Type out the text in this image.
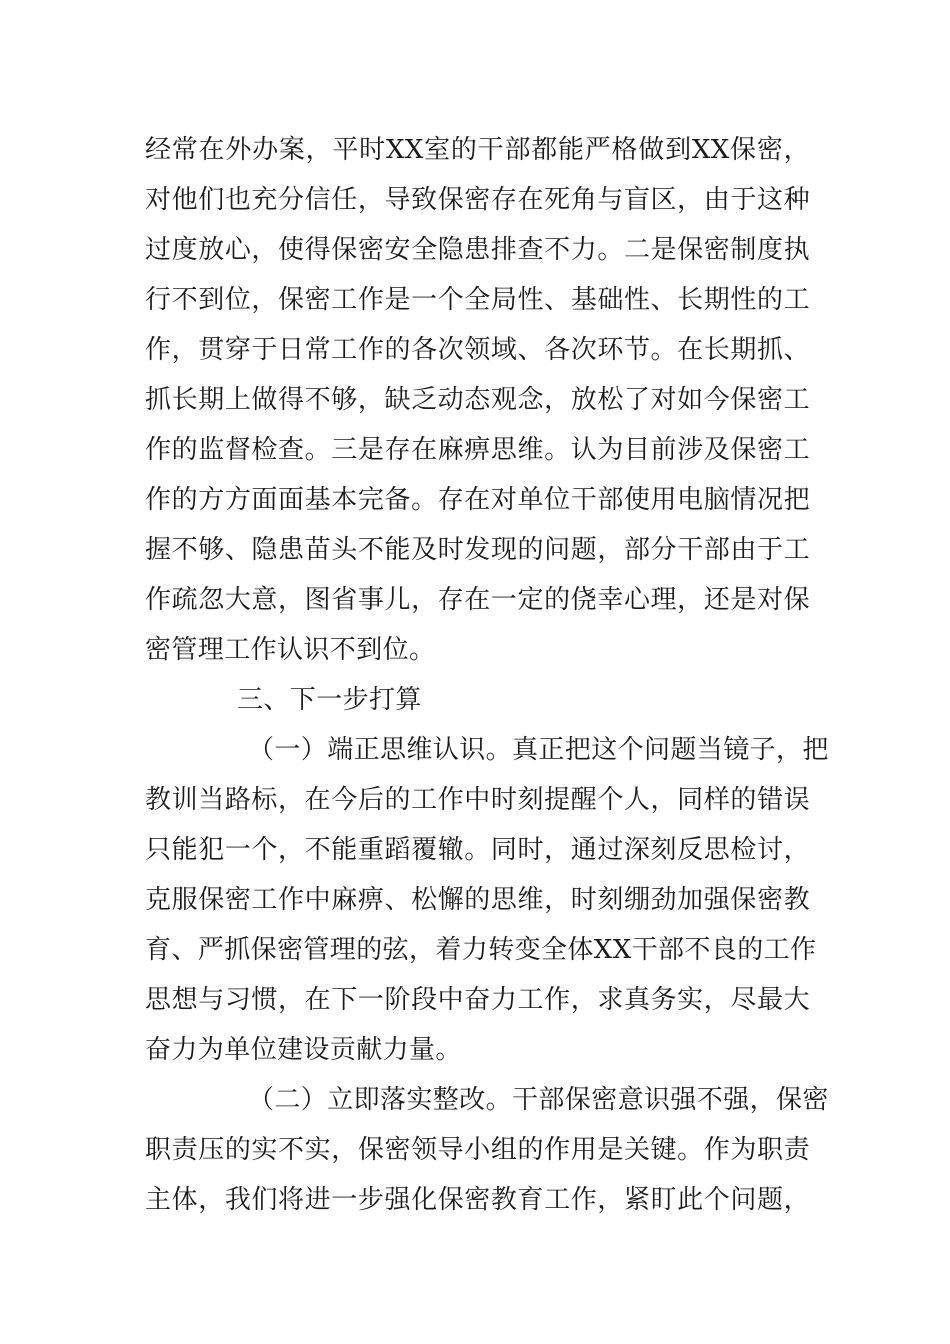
经常在外办案，平时XX室的干部都能严格做到XX保密，
对他们也充分信任，导致保密存在死角与盲区，由于这种
过度放心，使得保密安全隐患排查不力。二是保密制度执
行不到位，保密工作是一个全局性、基础性、长期性的工
作，贯穿于日常工作的各次领域、各次环节。在长期抓、
抓长期上做得不够，缺乏动态观念，放松了对如今保密工
作的监督检查。三是存在麻痹思维。认为目前涉及保密工
作的方方面面基本完备。存在对单位干部使用电脑情况把
握不够、隐患苗头不能及时发现的问题，部分干部由于工
作疏忽大意，图省事儿，存在一定的侥幸心理，还是对保
密管理工作认识不到位。
三、下一步打算
（一）端正思维认识。真正把这个问题当镜子，把
教训当路标，在今后的工作中时刻提醒个人，同样的错误
只能犯一个，不能重蹈覆辙。同时，通过深刻反思检讨，
克服保密工作中麻痹、松懈的思维，时刻绷劲加强保密教
育、严抓保密管理的弦，着力转变全体XX干部不良的工作
思想与习惯，在下一阶段中奋力工作，求真务实，尽最大
奋力为单位建设贡献力量。
（二）立即落实整改。干部保密意识强不强，保密
职责压的实不实，保密领导小组的作用是关键。作为职责
主体，我们将进一步强化保密教育工作，紧盯此个问题，
